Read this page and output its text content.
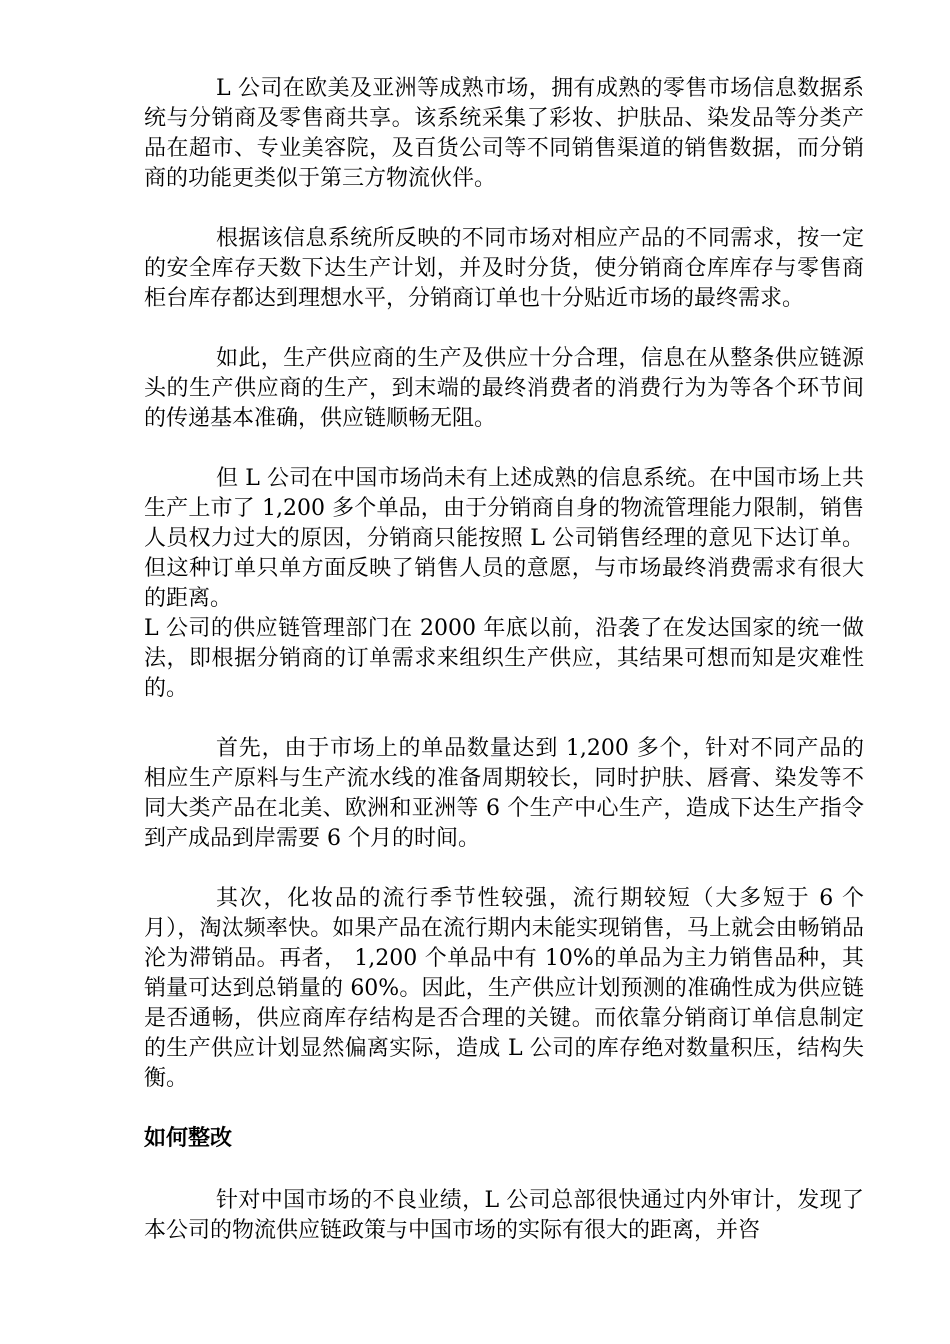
L 公司在欧美及亚洲等成熟市场，拥有成熟的零售市场信息数据系统与分销商及零售商共享。该系统采集了彩妆、护肤品、染发品等分类产品在超市、专业美容院，及百货公司等不同销售渠道的销售数据，而分销商的功能更类似于第三方物流伙伴。

根据该信息系统所反映的不同市场对相应产品的不同需求，按一定的安全库存天数下达生产计划，并及时分货，使分销商仓库库存与零售商柜台库存都达到理想水平，分销商订单也十分贴近市场的最终需求。

如此，生产供应商的生产及供应十分合理，信息在从整条供应链源头的生产供应商的生产，到末端的最终消费者的消费行为为等各个环节间的传递基本准确，供应链顺畅无阻。

但 L 公司在中国市场尚未有上述成熟的信息系统。在中国市场上共生产上市了 1,200 多个单品，由于分销商自身的物流管理能力限制，销售人员权力过大的原因，分销商只能按照 L 公司销售经理的意见下达订单。但这种订单只单方面反映了销售人员的意愿，与市场最终消费需求有很大的距离。

L 公司的供应链管理部门在 2000 年底以前，沿袭了在发达国家的统一做法，即根据分销商的订单需求来组织生产供应，其结果可想而知是灾难性的。

首先，由于市场上的单品数量达到 1,200 多个，针对不同产品的相应生产原料与生产流水线的准备周期较长，同时护肤、唇膏、染发等不同大类产品在北美、欧洲和亚洲等 6 个生产中心生产，造成下达生产指令到产成品到岸需要 6 个月的时间。

其次，化妆品的流行季节性较强，流行期较短（大多短于 6 个月），淘汰频率快。如果产品在流行期内未能实现销售，马上就会由畅销品沦为滞销品。再者， 1,200 个单品中有 10%的单品为主力销售品种，其销量可达到总销量的 60%。因此，生产供应计划预测的准确性成为供应链是否通畅，供应商库存结构是否合理的关键。而依靠分销商订单信息制定的生产供应计划显然偏离实际，造成 L 公司的库存绝对数量积压，结构失衡。

如何整改

针对中国市场的不良业绩，L 公司总部很快通过内外审计，发现了本公司的物流供应链政策与中国市场的实际有很大的距离，并咨
